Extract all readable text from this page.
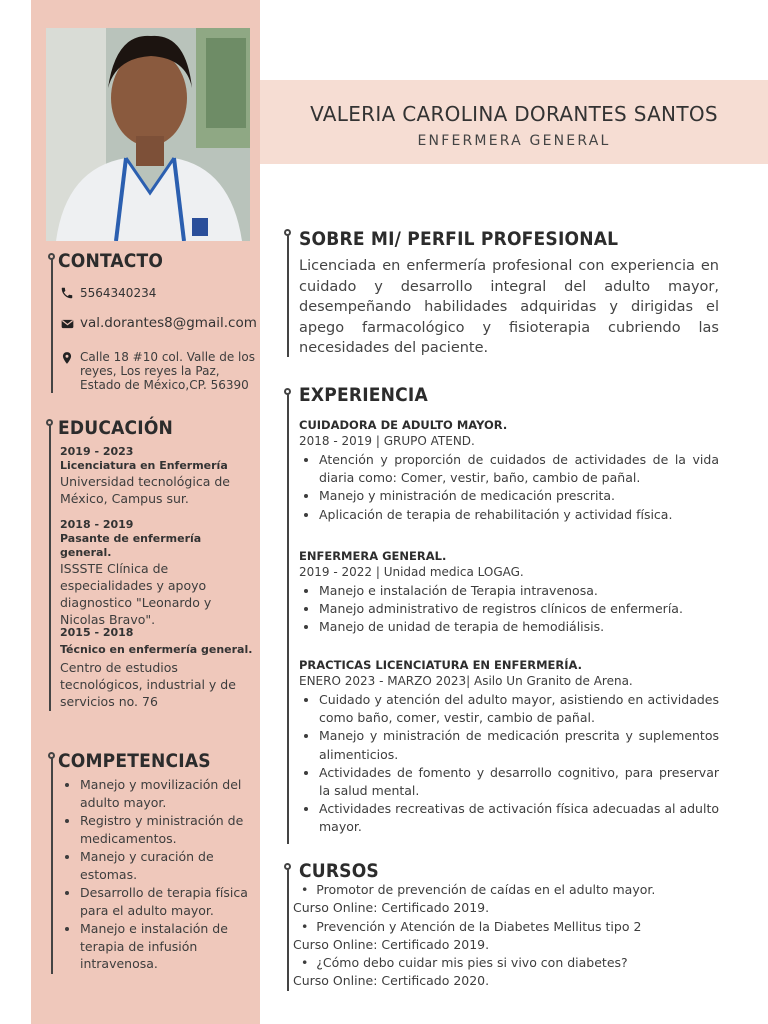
VALERIA CAROLINA DORANTES SANTOS
ENFERMERA GENERAL
CONTACTO
5564340234
val.dorantes8@gmail.com
Calle 18 #10 col. Valle de los
reyes, Los reyes la Paz,
Estado de México,CP. 56390
EDUCACIÓN
2019 - 2023
Licenciatura en Enfermería
Universidad tecnológica de
México, Campus sur.
2018 - 2019
Pasante de enfermería general.
ISSSTE Clínica de
especialidades y apoyo
diagnostico "Leonardo y
Nicolas Bravo".
2015 - 2018
Técnico en enfermería general.
Centro de estudios
tecnológicos, industrial y de
servicios no. 76
COMPETENCIAS
• Manejo y movilización del adulto mayor.
• Registro y ministración de medicamentos.
• Manejo y curación de estomas.
• Desarrollo de terapia física para el adulto mayor.
• Manejo e instalación de terapia de infusión intravenosa.
SOBRE MI/ PERFIL PROFESIONAL
Licenciada en enfermería profesional con experiencia en cuidado y desarrollo integral del adulto mayor, desempeñando habilidades adquiridas y dirigidas el apego farmacológico y fisioterapia cubriendo las necesidades del paciente.
EXPERIENCIA
CUIDADORA DE ADULTO MAYOR.
2018 - 2019 | GRUPO ATEND.
• Atención y proporción de cuidados de actividades de la vida diaria como: Comer, vestir, baño, cambio de pañal.
• Manejo y ministración de medicación prescrita.
• Aplicación de terapia de rehabilitación y actividad física.
ENFERMERA GENERAL.
2019 - 2022 | Unidad medica LOGAG.
• Manejo e instalación de Terapia intravenosa.
• Manejo administrativo de registros clínicos de enfermería.
• Manejo de unidad de terapia de hemodiálisis.
PRACTICAS LICENCIATURA EN ENFERMERÍA.
ENERO 2023 - MARZO 2023| Asilo Un Granito de Arena.
• Cuidado y atención del adulto mayor, asistiendo en actividades como baño, comer, vestir, cambio de pañal.
• Manejo y ministración de medicación prescrita y suplementos alimenticios.
• Actividades de fomento y desarrollo cognitivo, para preservar la salud mental.
• Actividades recreativas de activación física adecuadas al adulto mayor.
CURSOS
•  Promotor de prevención de caídas en el adulto mayor.
Curso Online: Certificado 2019.
•  Prevención y Atención de la Diabetes Mellitus tipo 2
Curso Online: Certificado 2019.
•  ¿Cómo debo cuidar mis pies si vivo con diabetes?
Curso Online: Certificado 2020.
